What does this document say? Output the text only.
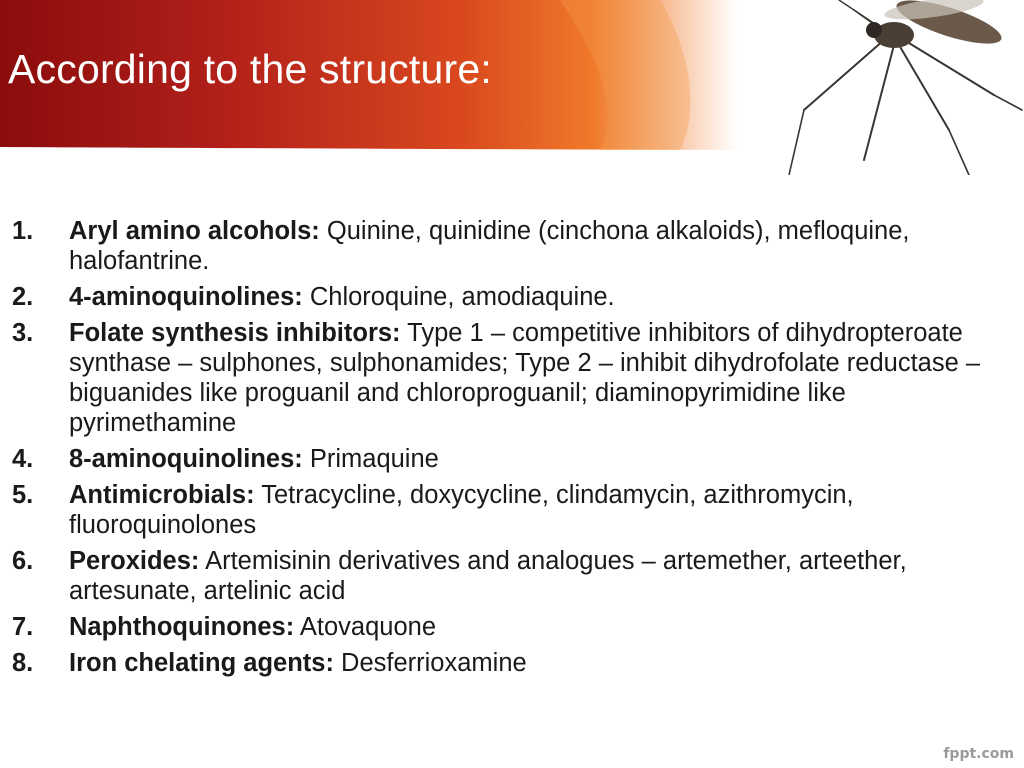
According to the structure:
1.	Aryl amino alcohols: Quinine, quinidine (cinchona alkaloids), mefloquine, halofantrine.
2.	4-aminoquinolines: Chloroquine, amodiaquine.
3.	Folate synthesis inhibitors: Type 1 – competitive inhibitors of dihydropteroate synthase – sulphones, sulphonamides; Type 2 – inhibit dihydrofolate reductase – biguanides like proguanil and chloroproguanil; diaminopyrimidine like pyrimethamine
4.	8-aminoquinolines: Primaquine
5.	Antimicrobials: Tetracycline, doxycycline, clindamycin, azithromycin, fluoroquinolones
6.	Peroxides: Artemisinin derivatives and analogues – artemether, arteether, artesunate, artelinic acid
7.	Naphthoquinones: Atovaquone
8.	Iron chelating agents: Desferrioxamine
fppt.com
